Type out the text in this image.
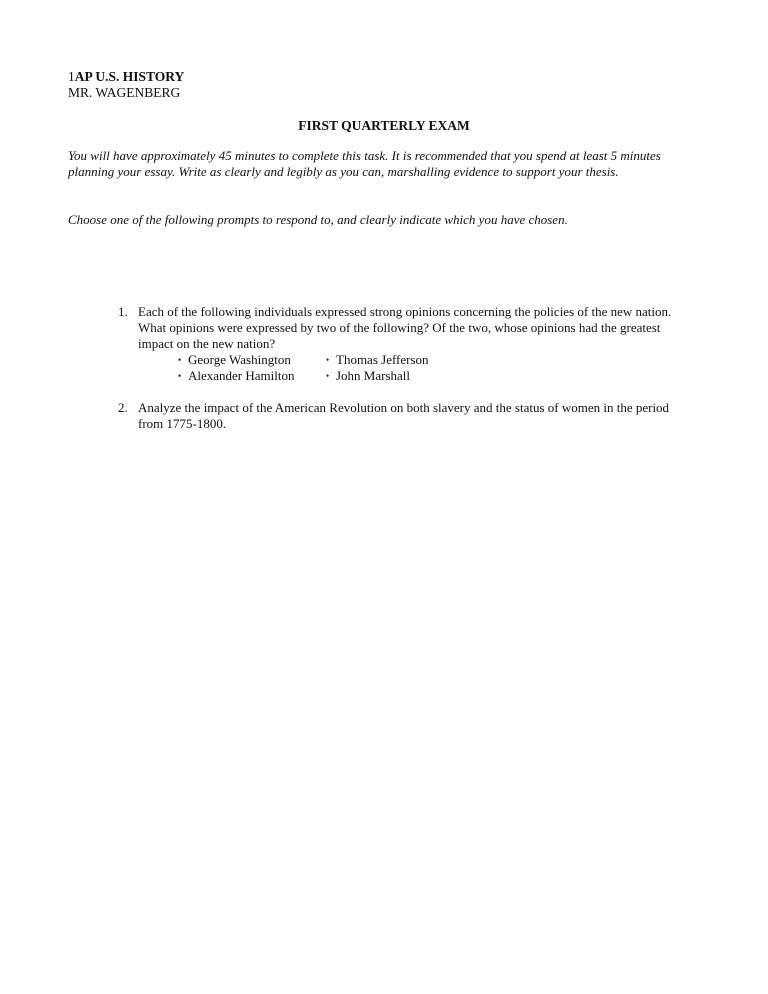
1AP U.S. HISTORY
MR. WAGENBERG
FIRST QUARTERLY EXAM

You will have approximately 45 minutes to complete this task. It is recommended that you spend at least 5 minutes planning your essay. Write as clearly and legibly as you can, marshalling evidence to support your thesis.

Choose one of the following prompts to respond to, and clearly indicate which you have chosen.

1. Each of the following individuals expressed strong opinions concerning the policies of the new nation. What opinions were expressed by two of the following? Of the two, whose opinions had the greatest impact on the new nation?

• George Washington	• Thomas Jefferson
• Alexander Hamilton	• John Marshall
2. Analyze the impact of the American Revolution on both slavery and the status of women in the period from 1775-1800.
